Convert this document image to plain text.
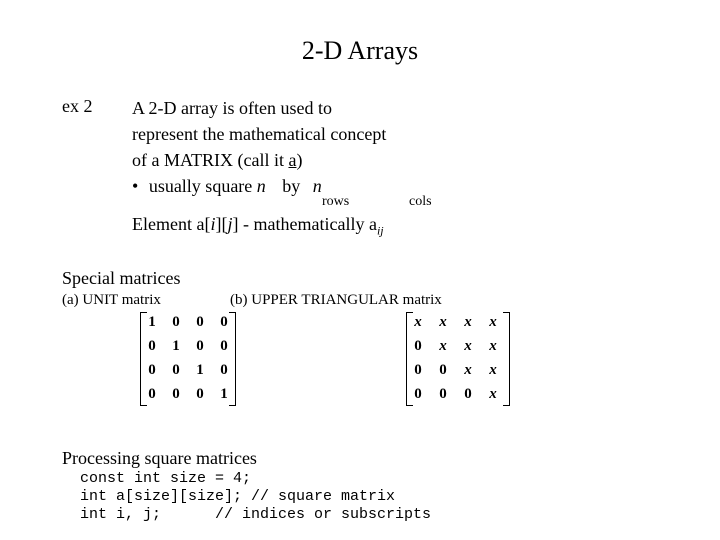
2-D Arrays
ex 2 A 2-D array is often used to
represent the mathematical concept
of a MATRIX (call it a)
• usually square n by n
rows	cols
Element a[i][j] - mathematically $a_{ij}$
Special matrices
(a) UNIT matrix	(b) UPPER TRIANGULAR matrix
1	0	0	0
0	1	0	0
0	0	1	0
0	0	0	1
x	x	x	x
0	x	x	x
0	0	x	x
0	0	0	x
Processing square matrices
const int size = 4;
int a[size][size]; // square matrix
int i, j;      // indices or subscripts
